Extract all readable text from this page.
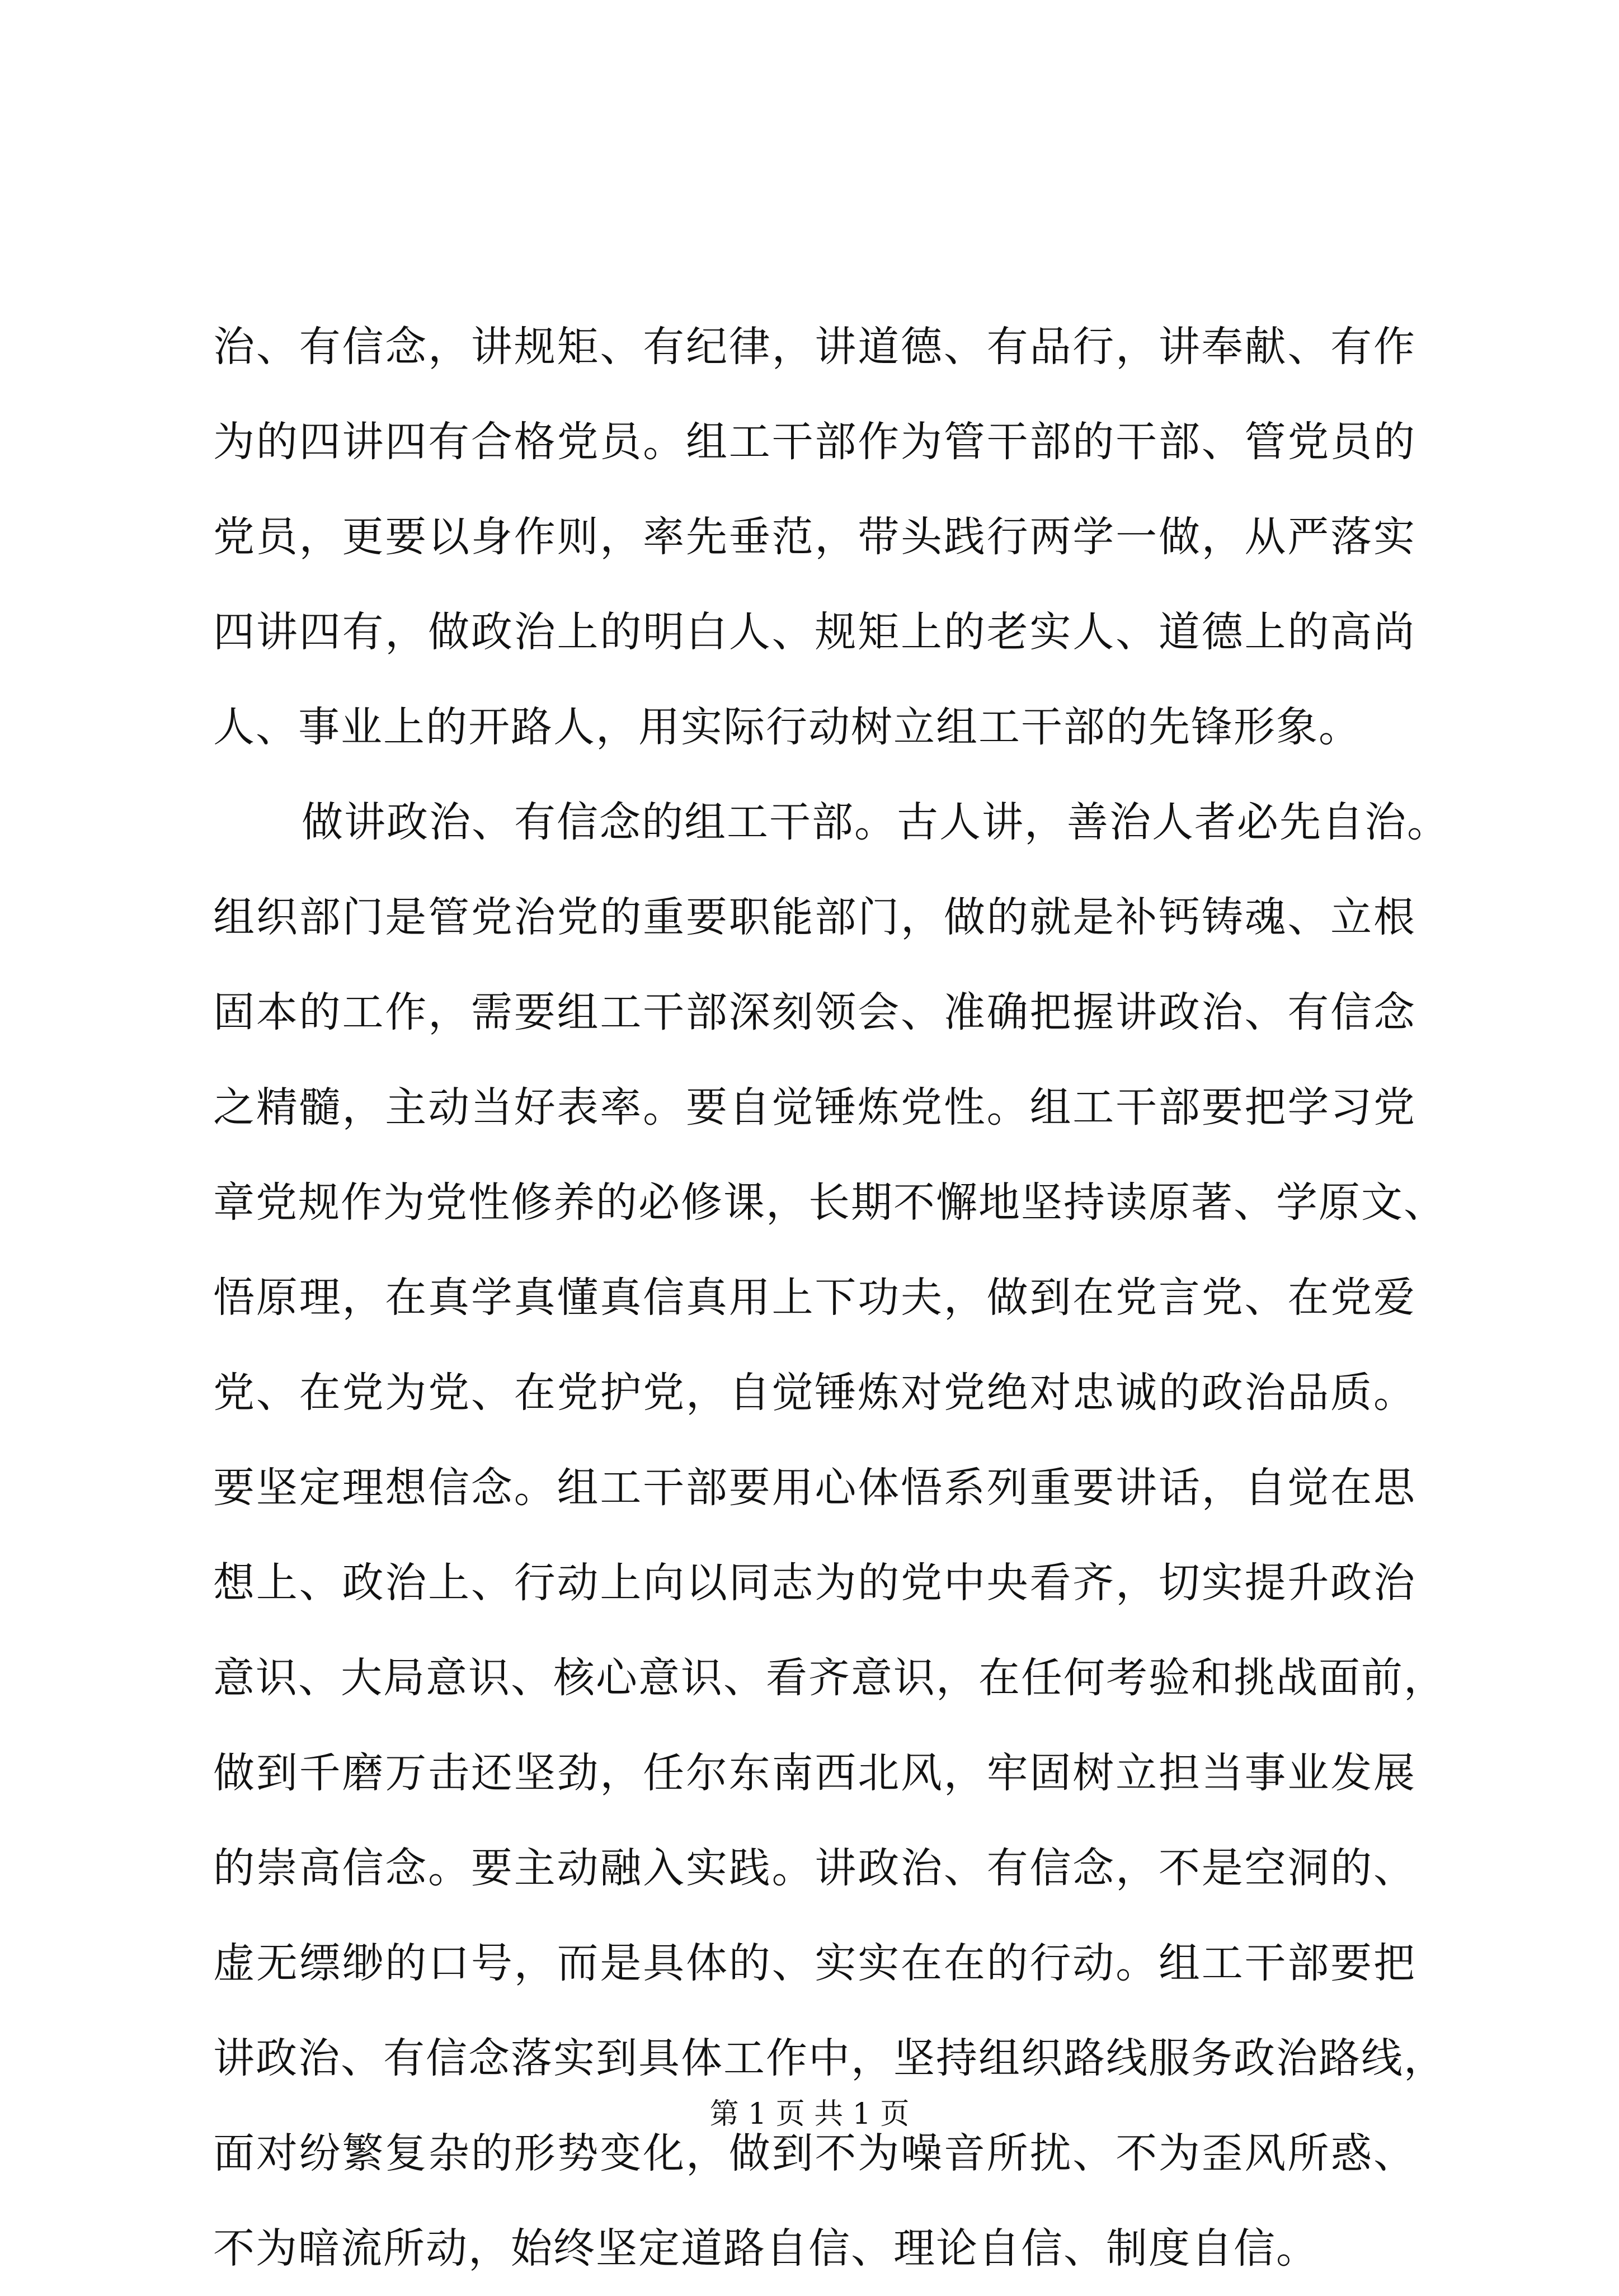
治、有信念，讲规矩、有纪律，讲道德、有品行，讲奉献、有作
为的四讲四有合格党员。组工干部作为管干部的干部、管党员的
党员，更要以身作则，率先垂范，带头践行两学一做，从严落实
四讲四有，做政治上的明白人、规矩上的老实人、道德上的高尚
人、事业上的开路人，用实际行动树立组工干部的先锋形象。
做讲政治、有信念的组工干部。古人讲，善治人者必先自治。
组织部门是管党治党的重要职能部门，做的就是补钙铸魂、立根
固本的工作，需要组工干部深刻领会、准确把握讲政治、有信念
之精髓，主动当好表率。要自觉锤炼党性。组工干部要把学习党
章党规作为党性修养的必修课，长期不懈地坚持读原著、学原文、
悟原理，在真学真懂真信真用上下功夫，做到在党言党、在党爱
党、在党为党、在党护党，自觉锤炼对党绝对忠诚的政治品质。
要坚定理想信念。组工干部要用心体悟系列重要讲话，自觉在思
想上、政治上、行动上向以同志为的党中央看齐，切实提升政治
意识、大局意识、核心意识、看齐意识，在任何考验和挑战面前，
做到千磨万击还坚劲，任尔东南西北风，牢固树立担当事业发展
的崇高信念。要主动融入实践。讲政治、有信念，不是空洞的、
虚无缥缈的口号，而是具体的、实实在在的行动。组工干部要把
讲政治、有信念落实到具体工作中，坚持组织路线服务政治路线，
面对纷繁复杂的形势变化，做到不为噪音所扰、不为歪风所惑、
不为暗流所动，始终坚定道路自信、理论自信、制度自信。
第 1 页 共 1 页
